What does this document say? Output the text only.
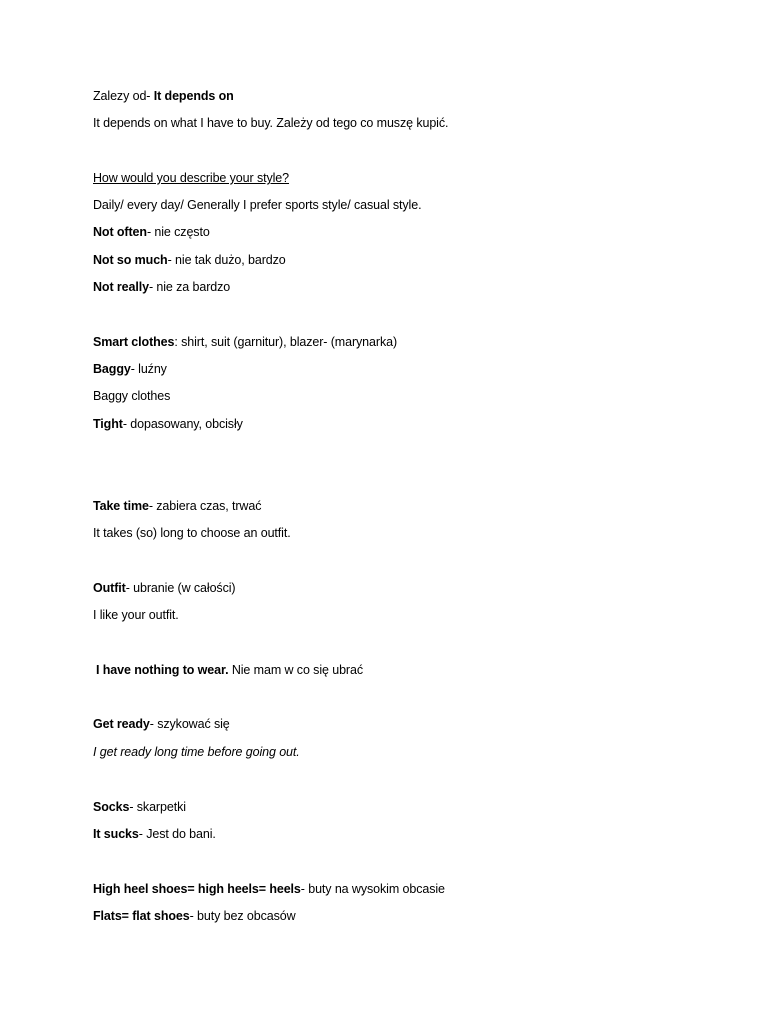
Zalezy od- It depends on
It depends on what I have to buy. Zależy od tego co muszę kupić.
How would you describe your style?
Daily/ every day/ Generally I prefer sports style/ casual style.
Not often- nie często
Not so much- nie tak dużo, bardzo
Not really- nie za bardzo
Smart clothes: shirt, suit (garnitur), blazer- (marynarka)
Baggy- luźny
Baggy clothes
Tight- dopasowany, obcisły
Take time- zabiera czas, trwać
It takes (so) long to choose an outfit.
Outfit- ubranie (w całości)
I like your outfit.
I have nothing to wear. Nie mam w co się ubrać
Get ready- szykować się
I get ready long time before going out.
Socks- skarpetki
It sucks- Jest do bani.
High heel shoes= high heels= heels- buty na wysokim obcasie
Flats= flat shoes- buty bez obcasów
